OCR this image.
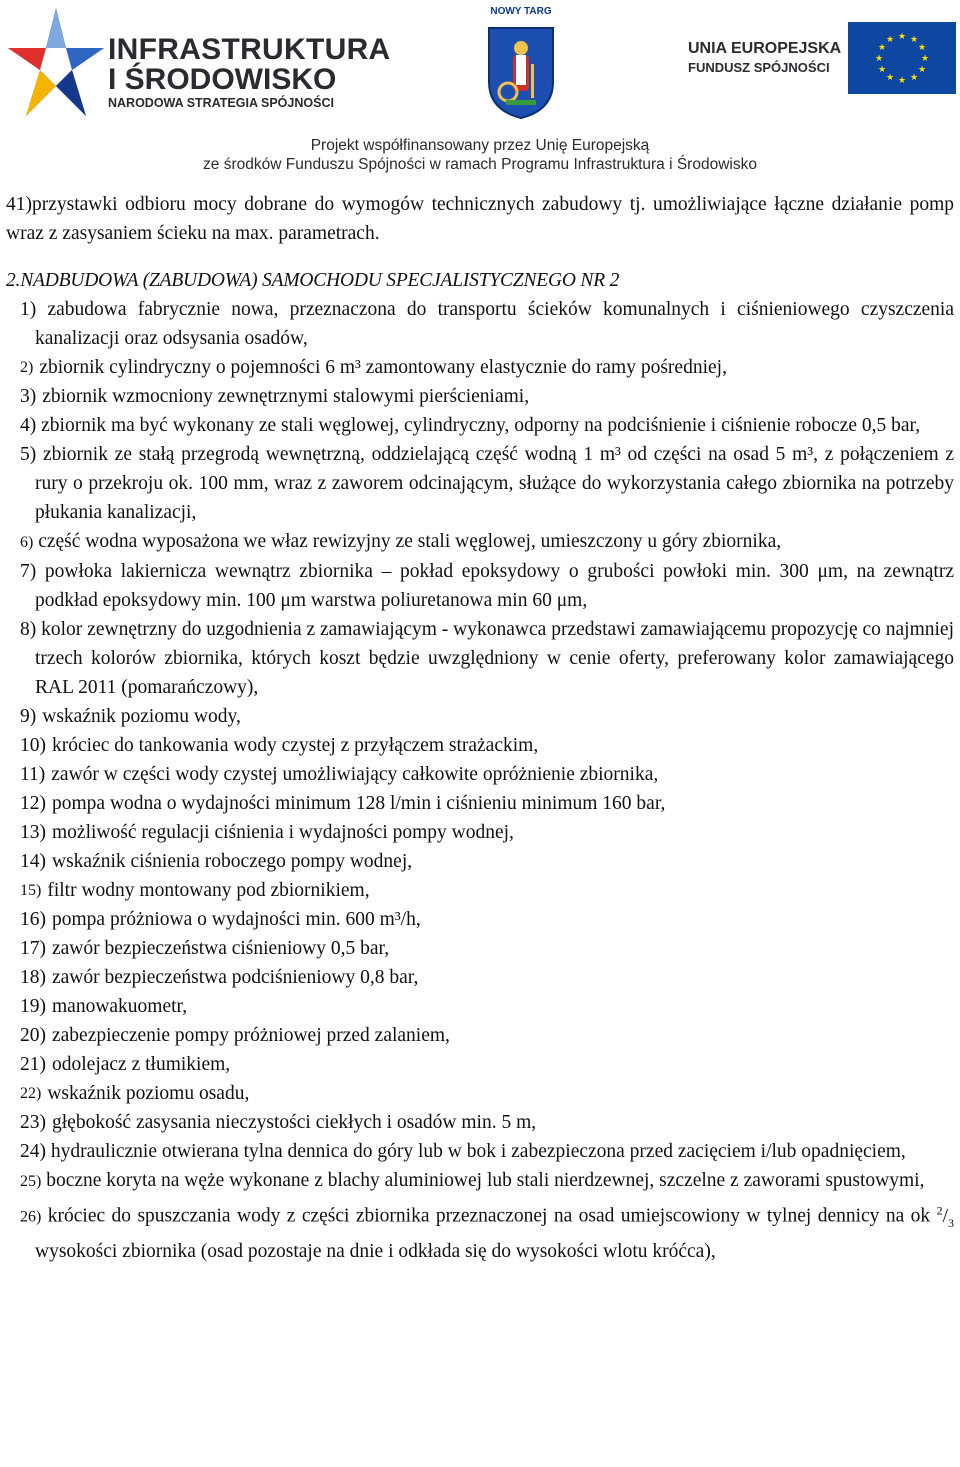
INFRASTRUKTURA
I ŚRODOWISKO
NARODOWA STRATEGIA SPÓJNOŚCI
NOWY TARG
UNIA EUROPEJSKA
FUNDUSZ SPÓJNOŚCI
★ ★
★
★
★
★
★
★
★
★
★
★
Projekt współfinansowany przez Unię Europejską
ze środków Funduszu Spójności w ramach Programu Infrastruktura i Środowisko

41)przystawki odbioru mocy dobrane do wymogów technicznych zabudowy tj. umożliwiające łączne działanie pomp wraz z zasysaniem ścieku na max. parametrach.

2.NADBUDOWA (ZABUDOWA) SAMOCHODU SPECJALISTYCZNEGO NR 2

1) zabudowa fabrycznie nowa, przeznaczona do transportu ścieków komunalnych i ciśnieniowego czyszczenia kanalizacji oraz odsysania osadów,
2) zbiornik cylindryczny o pojemności 6 m³ zamontowany elastycznie do ramy pośredniej,
3) zbiornik wzmocniony zewnętrznymi stalowymi pierścieniami,
4) zbiornik ma być wykonany ze stali węglowej, cylindryczny, odporny na podciśnienie i ciśnienie robocze 0,5 bar,
5) zbiornik ze stałą przegrodą wewnętrzną, oddzielającą część wodną 1 m³ od części na osad 5 m³, z połączeniem z rury o przekroju ok. 100 mm, wraz z zaworem odcinającym, służące do wykorzystania całego zbiornika na potrzeby płukania kanalizacji,
6) część wodna wyposażona we właz rewizyjny ze stali węglowej, umieszczony u góry zbiornika,
7) powłoka lakiernicza wewnątrz zbiornika – pokład epoksydowy o grubości powłoki min. 300 μm, na zewnątrz podkład epoksydowy min. 100 μm warstwa poliuretanowa min 60 μm,
8) kolor zewnętrzny do uzgodnienia z zamawiającym - wykonawca przedstawi zamawiającemu propozycję co najmniej trzech kolorów zbiornika, których koszt będzie uwzględniony w cenie oferty, preferowany kolor zamawiającego RAL 2011 (pomarańczowy),
9) wskaźnik poziomu wody,
10) króciec do tankowania wody czystej z przyłączem strażackim,
11) zawór w części wody czystej umożliwiający całkowite opróżnienie zbiornika,
12) pompa wodna o wydajności minimum 128 l/min i ciśnieniu minimum 160 bar,
13) możliwość regulacji ciśnienia i wydajności pompy wodnej,
14) wskaźnik ciśnienia roboczego pompy wodnej,
15) filtr wodny montowany pod zbiornikiem,
16) pompa próżniowa o wydajności min. 600 m³/h,
17) zawór bezpieczeństwa ciśnieniowy 0,5 bar,
18) zawór bezpieczeństwa podciśnieniowy 0,8 bar,
19) manowakuometr,
20) zabezpieczenie pompy próżniowej przed zalaniem,
21) odolejacz z tłumikiem,
22) wskaźnik poziomu osadu,
23) głębokość zasysania nieczystości ciekłych i osadów min. 5 m,
24) hydraulicznie otwierana tylna dennica do góry lub w bok i zabezpieczona przed zacięciem i/lub opadnięciem,
25) boczne koryta na węże wykonane z blachy aluminiowej lub stali nierdzewnej, szczelne z zaworami spustowymi,
26) króciec do spuszczania wody z części zbiornika przeznaczonej na osad umiejscowiony w tylnej dennicy na ok $^2/_3$ wysokości zbiornika (osad pozostaje na dnie i odkłada się do wysokości wlotu króćca),
